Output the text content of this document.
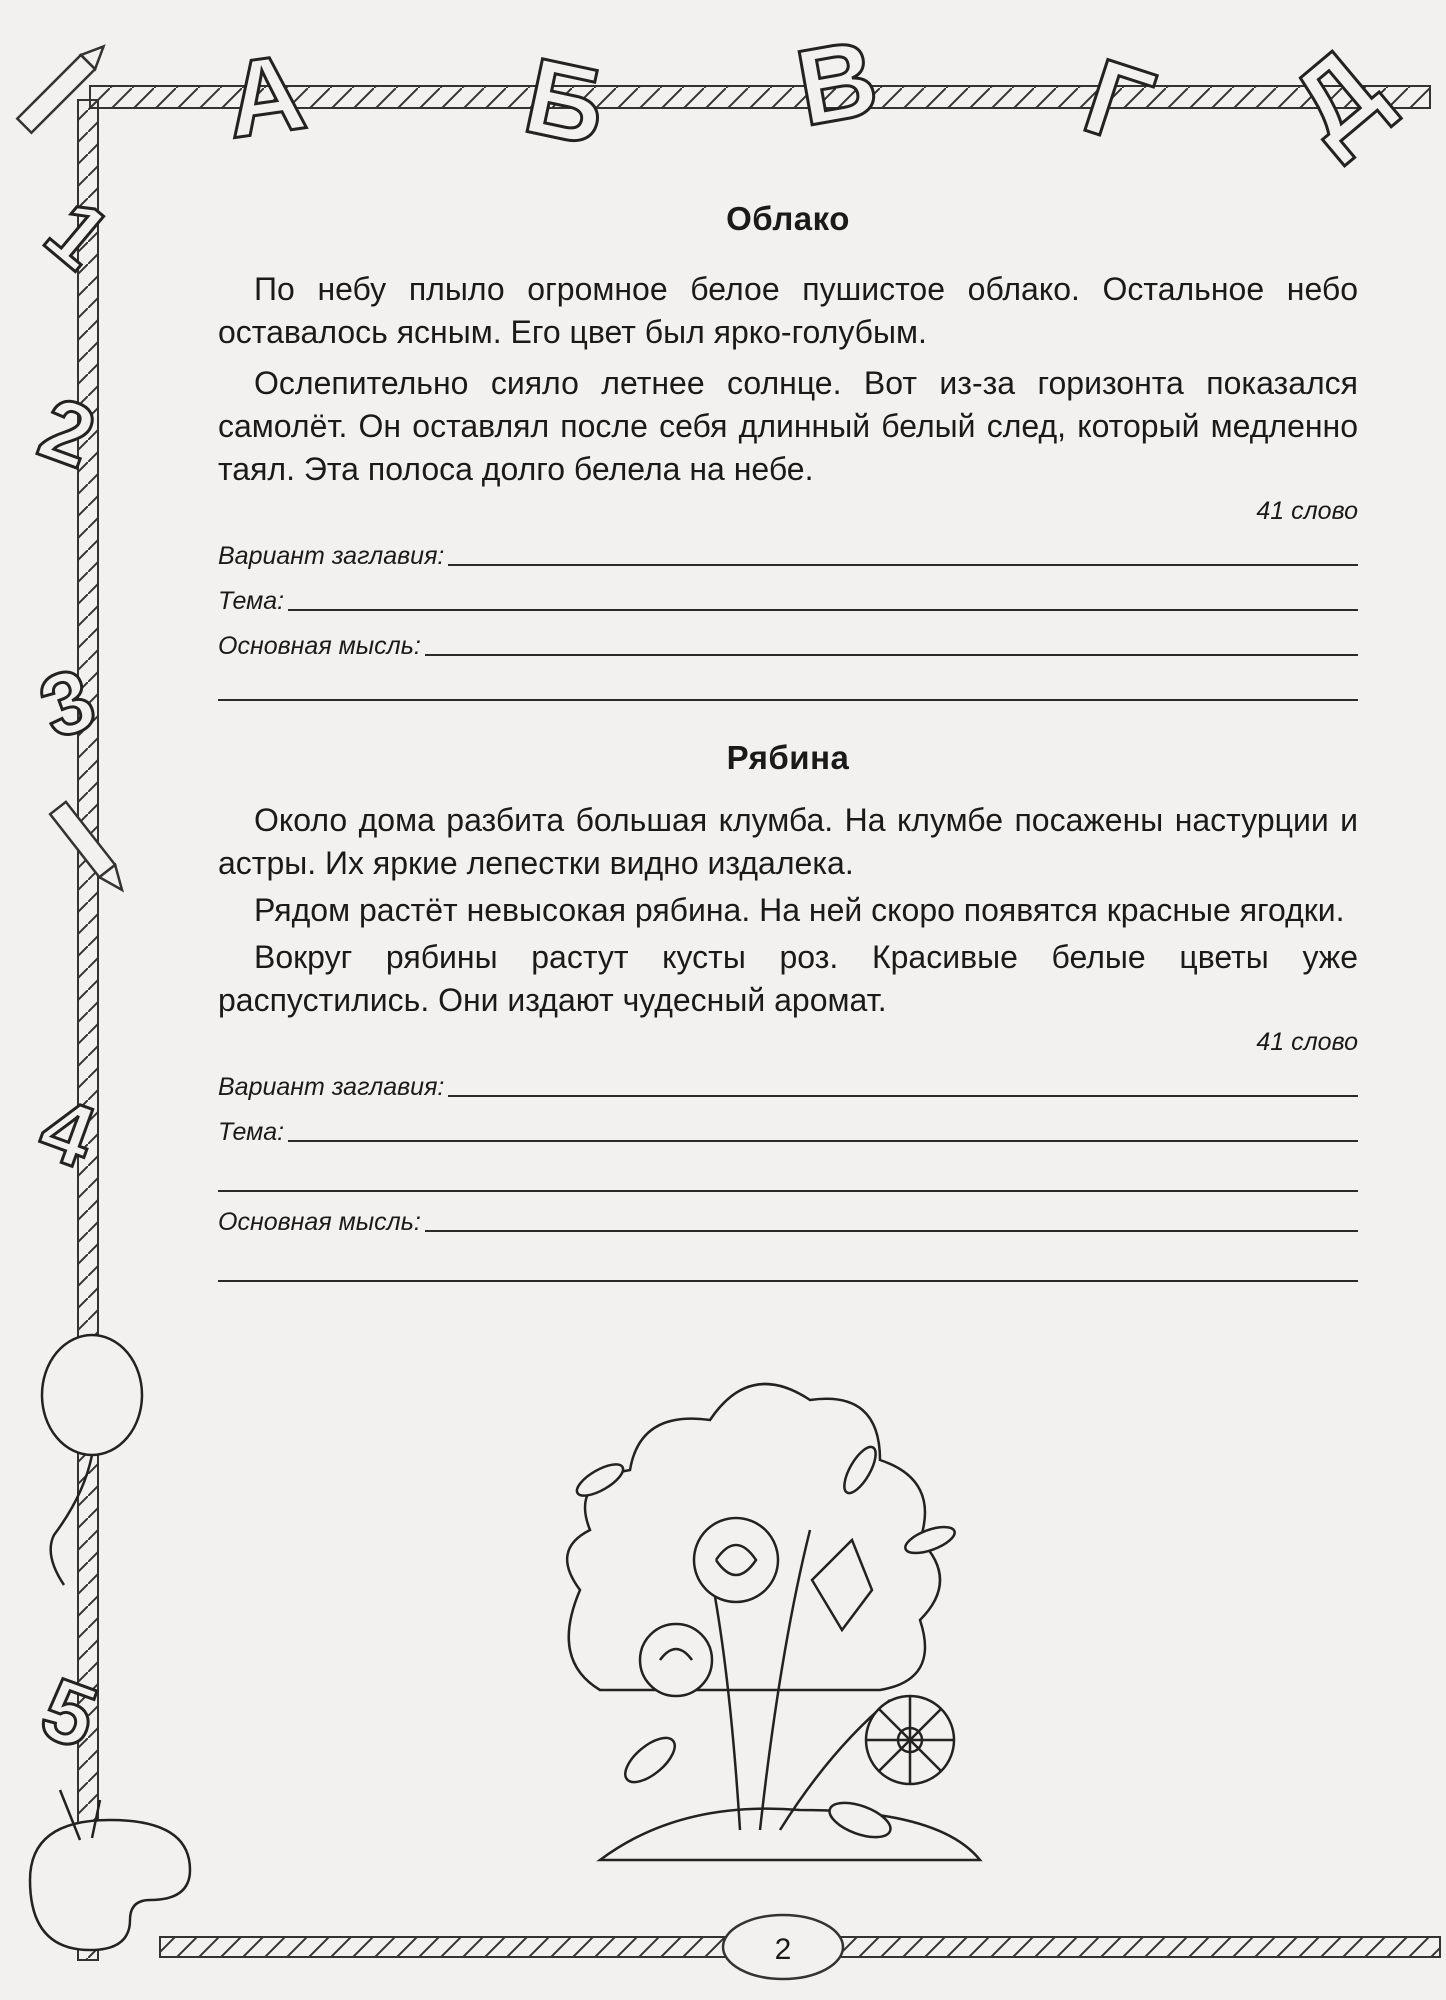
А Б В Г Д
1
2
3
4
5
Облако

По небу плыло огромное белое пушистое облако. Остальное небо оставалось ясным. Его цвет был ярко-голубым.

Ослепительно сияло летнее солнце. Вот из-за горизонта показался самолёт. Он оставлял после себя длинный белый след, который медленно таял. Эта полоса долго белела на небе.

41 слово
Вариант заглавия:
Тема:
Основная мысль:
Рябина

Около дома разбита большая клумба. На клумбе посажены настурции и астры. Их яркие лепестки видно издалека.

Рядом растёт невысокая рябина. На ней скоро появятся красные ягодки.

Вокруг рябины растут кусты роз. Красивые белые цветы уже распустились. Они издают чудесный аромат.

41 слово
Вариант заглавия:
Тема:
Основная мысль:
2
